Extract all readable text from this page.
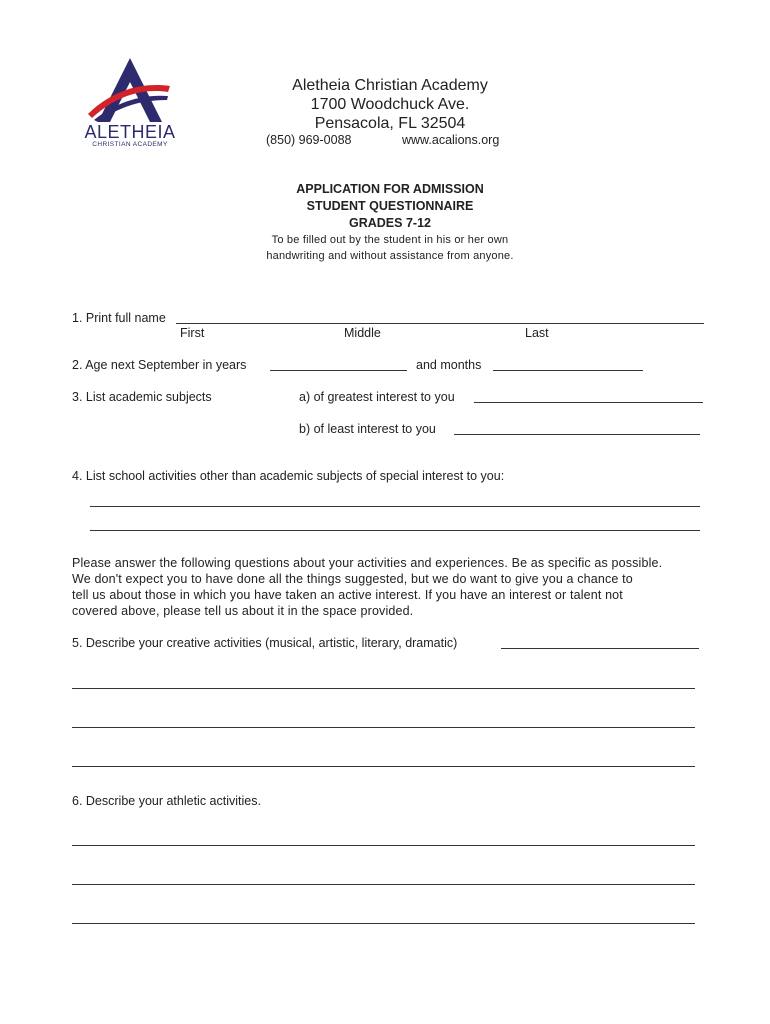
ALETHEIA
CHRISTIAN ACADEMY
Aletheia Christian Academy
1700 Woodchuck Ave.
Pensacola, FL 32504
(850) 969-0088	www.acalions.org
APPLICATION FOR ADMISSION
STUDENT QUESTIONNAIRE
GRADES 7-12
To be filled out by the student in his or her own
handwriting and without assistance from anyone.
1. Print full name
First	Middle	Last
2. Age next September in years	and months
3. List academic subjects	a) of greatest interest to you
b) of least interest to you
4. List school activities other than academic subjects of special interest to you:
Please answer the following questions about your activities and experiences. Be as specific as possible.
We don't expect you to have done all the things suggested, but we do want to give you a chance to
tell us about those in which you have taken an active interest. If you have an interest or talent not
covered above, please tell us about it in the space provided.
5. Describe your creative activities (musical, artistic, literary, dramatic)
6. Describe your athletic activities.
